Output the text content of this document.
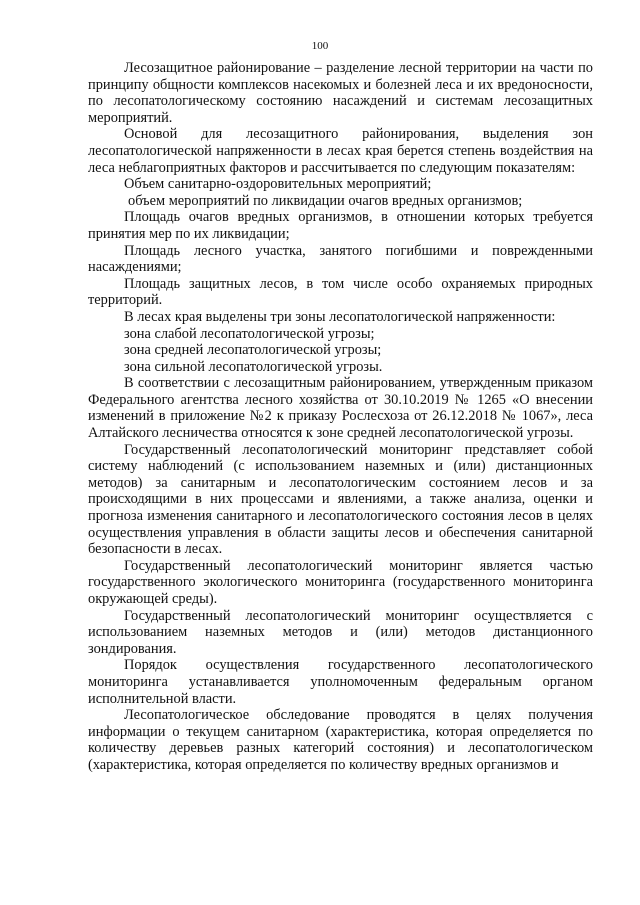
100

Лесозащитное районирование – разделение лесной территории на части по принципу общности комплексов насекомых и болезней леса и их вредоносности, по лесопатологическому состоянию насаждений и системам лесозащитных мероприятий.

Основой для лесозащитного районирования, выделения зон лесопатологической напряженности в лесах края берется степень воздействия на леса неблагоприятных факторов и рассчитывается по следующим показателям:

Объем санитарно-оздоровительных мероприятий;

объем мероприятий по ликвидации очагов вредных организмов;

Площадь очагов вредных организмов, в отношении которых требуется принятия мер по их ликвидации;

Площадь лесного участка, занятого погибшими и поврежденными насаждениями;

Площадь защитных лесов, в том числе особо охраняемых природных территорий.

В лесах края выделены три зоны лесопатологической напряженности:

зона слабой лесопатологической угрозы;

зона средней лесопатологической угрозы;

зона сильной лесопатологической угрозы.

В соответствии с лесозащитным районированием, утвержденным приказом Федерального агентства лесного хозяйства от 30.10.2019 № 1265 «О внесении изменений в приложение №2 к приказу Рослесхоза от 26.12.2018 № 1067», леса Алтайского лесничества относятся к зоне средней лесопатологической угрозы.

Государственный лесопатологический мониторинг представляет собой систему наблюдений (с использованием наземных и (или) дистанционных методов) за санитарным и лесопатологическим состоянием лесов и за происходящими в них процессами и явлениями, а также анализа, оценки и прогноза изменения санитарного и лесопатологического состояния лесов в целях осуществления управления в области защиты лесов и обеспечения санитарной безопасности в лесах.

Государственный лесопатологический мониторинг является частью государственного экологического мониторинга (государственного мониторинга окружающей среды).

Государственный лесопатологический мониторинг осуществляется с использованием наземных методов и (или) методов дистанционного зондирования.

Порядок осуществления государственного лесопатологического мониторинга устанавливается уполномоченным федеральным органом исполнительной власти.

Лесопатологическое обследование проводятся в целях получения информации о текущем санитарном (характеристика, которая определяется по количеству деревьев разных категорий состояния) и лесопатологическом (характеристика, которая определяется по количеству вредных организмов и
